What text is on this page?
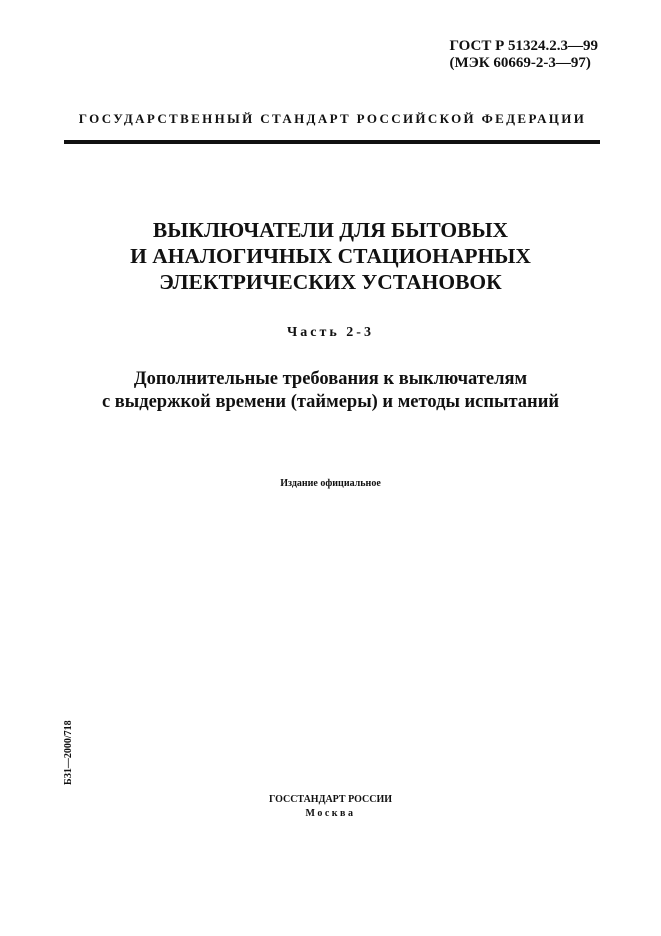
ГОСТ Р 51324.2.3—99
(МЭК 60669-2-3—97)
ГОСУДАРСТВЕННЫЙ СТАНДАРТ РОССИЙСКОЙ ФЕДЕРАЦИИ
ВЫКЛЮЧАТЕЛИ ДЛЯ БЫТОВЫХ
И АНАЛОГИЧНЫХ СТАЦИОНАРНЫХ
ЭЛЕКТРИЧЕСКИХ УСТАНОВОК
Часть 2-3
Дополнительные требования к выключателям
с выдержкой времени (таймеры) и методы испытаний
Издание официальное
БЗ1—2000/718
ГОССТАНДАРТ РОССИИ
Москва
